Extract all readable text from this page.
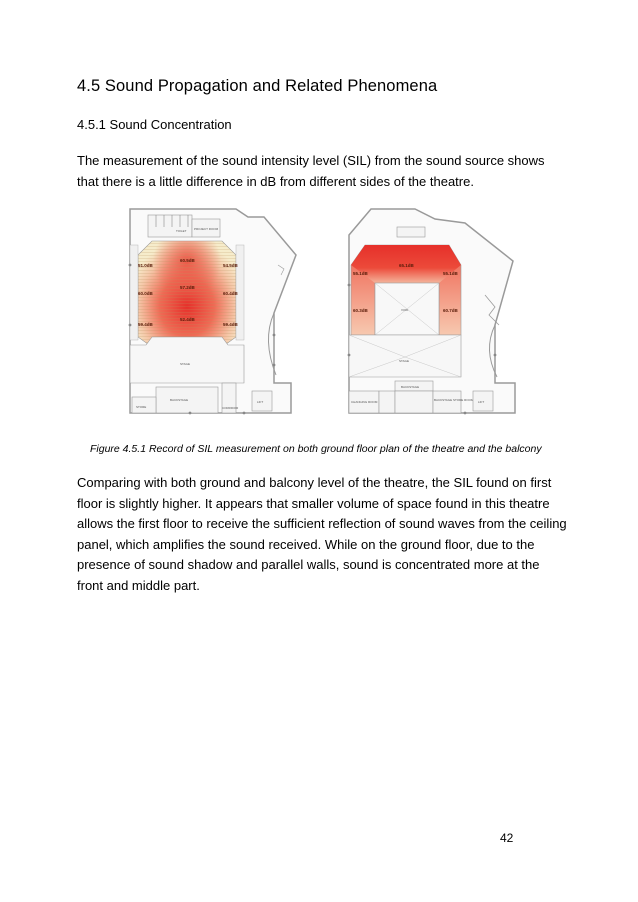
4.5 Sound Propagation and Related Phenomena
4.5.1 Sound Concentration

The measurement of the sound intensity level (SIL) from the sound source shows that there is a little difference in dB from different sides of the theatre.

TOILET	PROJECT ROOM
STAGE
BACKSTAGE
STORE
LIFT
CORRIDOR
60.5dB
51.0dB	54.5dB
57.2dB
60.0dB	60.4dB
52.4dB
59.4dB	59.4dB
VOID
STAGE
BACKSTAGE
CHANGING ROOM	BACKSTAGE STORE ROOM LIFT
65.1dB
55.1dB	55.1dB
60.3dB	60.7dB

Figure 4.5.1 Record of SIL measurement on both ground floor plan of the theatre and the balcony

Comparing with both ground and balcony level of the theatre, the SIL found on first floor is slightly higher. It appears that smaller volume of space found in this theatre allows the first floor to receive the sufficient reflection of sound waves from the ceiling panel, which amplifies the sound received. While on the ground floor, due to the presence of sound shadow and parallel walls, sound is concentrated more at the front and middle part.

42
